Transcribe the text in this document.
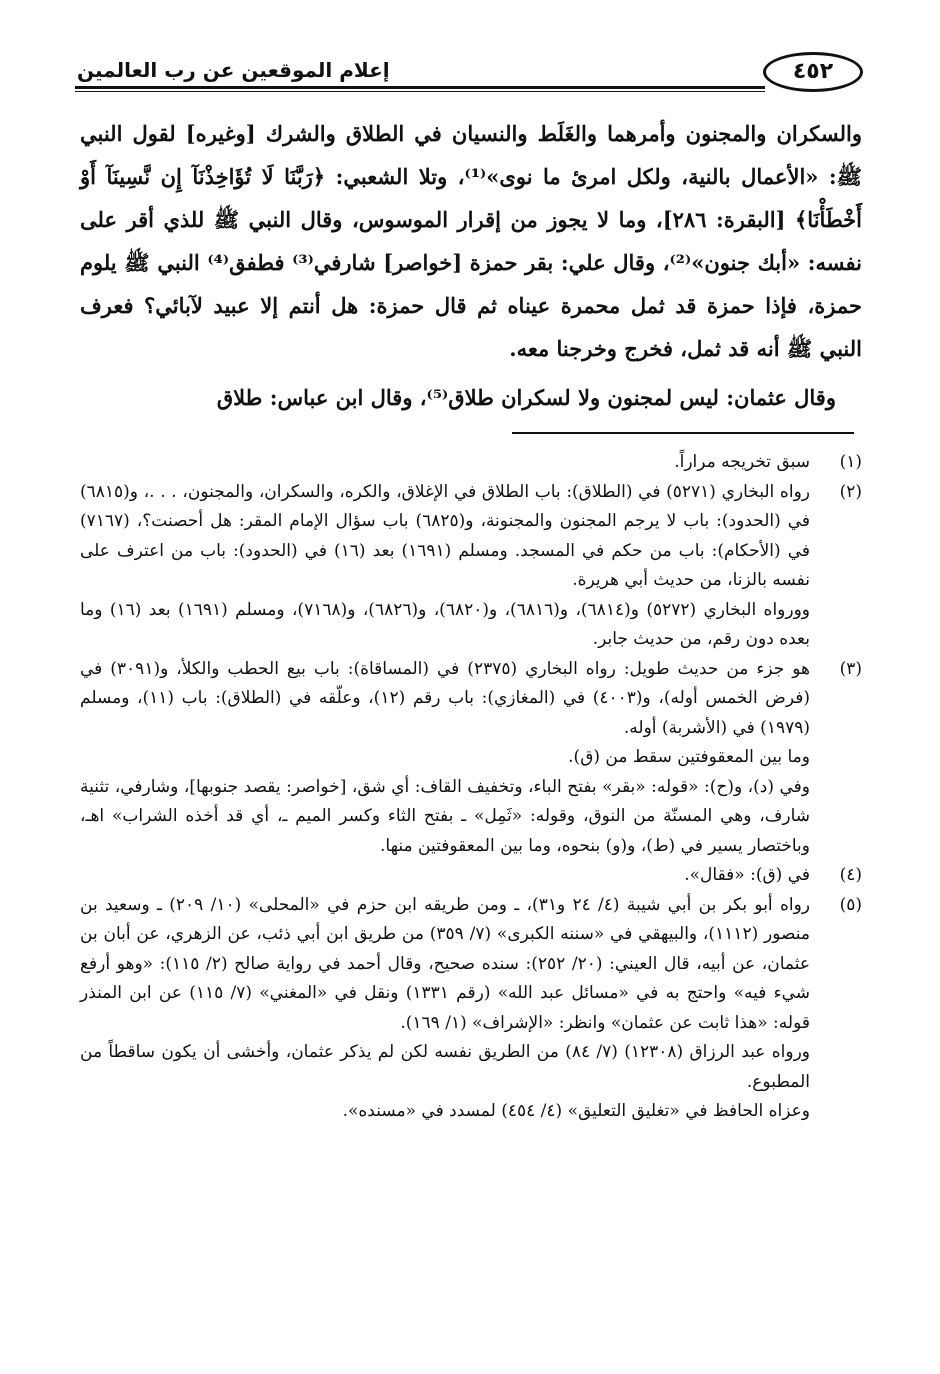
٤٥٢
إعلام الموقعين عن رب العالمين

والسكران والمجنون وأمرهما والغَلَط والنسيان في الطلاق والشرك [وغيره] لقول النبي ﷺ: «الأعمال بالنية، ولكل امرئ ما نوى»⁽¹⁾، وتلا الشعبي: ﴿رَبَّنَا لَا تُؤَاخِذْنَآ إِن نَّسِينَآ أَوْ أَخْطَأْنَا﴾ [البقرة: ٢٨٦]، وما لا يجوز من إقرار الموسوس، وقال النبي ﷺ للذي أقر على نفسه: «أبك جنون»⁽²⁾، وقال علي: بقر حمزة [خواصر] شارفي⁽³⁾ فطفق⁽⁴⁾ النبي ﷺ يلوم حمزة، فإذا حمزة قد ثمل محمرة عيناه ثم قال حمزة: هل أنتم إلا عبيد لآبائي؟ فعرف النبي ﷺ أنه قد ثمل، فخرج وخرجنا معه.

وقال عثمان: ليس لمجنون ولا لسكران طلاق⁽⁵⁾، وقال ابن عباس: طلاق

(١)

سبق تخريجه مراراً.

(٢)

رواه البخاري (٥٢٧١) في (الطلاق): باب الطلاق في الإغلاق، والكره، والسكران، والمجنون، . . .، و(٦٨١٥) في (الحدود): باب لا يرجم المجنون والمجنونة، و(٦٨٢٥) باب سؤال الإمام المقر: هل أحصنت؟، (٧١٦٧) في (الأحكام): باب من حكم في المسجد. ومسلم (١٦٩١) بعد (١٦) في (الحدود): باب من اعترف على نفسه بالزنا، من حديث أبي هريرة.

وورواه البخاري (٥٢٧٢) و(٦٨١٤)، و(٦٨١٦)، و(٦٨٢٠)، و(٦٨٢٦)، و(٧١٦٨)، ومسلم (١٦٩١) بعد (١٦) وما بعده دون رقم، من حديث جابر.

(٣)

هو جزء من حديث طويل: رواه البخاري (٢٣٧٥) في (المساقاة): باب بيع الحطب والكلأ، و(٣٠٩١) في (فرض الخمس أوله)، و(٤٠٠٣) في (المغازي): باب رقم (١٢)، وعلّقه في (الطلاق): باب (١١)، ومسلم (١٩٧٩) في (الأشربة) أوله.

وما بين المعقوفتين سقط من (ق).

وفي (د)، و(ح): «قوله: «بقر» بفتح الباء، وتخفيف القاف: أي شق، [خواصر: يقصد جنوبها]، وشارفي، تثنية شارف، وهي المسنّة من النوق، وقوله: «ثَمِل» ـ بفتح الثاء وكسر الميم ـ، أي قد أخذه الشراب» اهـ، وباختصار يسير في (ط)، و(و) بنحوه، وما بين المعقوفتين منها.

(٤)

في (ق): «فقال».

(٥)

رواه أبو بكر بن أبي شيبة (٤/ ٢٤ و٣١)، ـ ومن طريقه ابن حزم في «المحلى» (١٠/ ٢٠٩) ـ وسعيد بن منصور (١١١٢)، والبيهقي في «سننه الكبرى» (٧/ ٣٥٩) من طريق ابن أبي ذئب، عن الزهري، عن أبان بن عثمان، عن أبيه، قال العيني: (٢٠/ ٢٥٢): سنده صحيح، وقال أحمد في رواية صالح (٢/ ١١٥): «وهو أرفع شيء فيه» واحتج به في «مسائل عبد الله» (رقم ١٣٣١) ونقل في «المغني» (٧/ ١١٥) عن ابن المنذر قوله: «هذا ثابت عن عثمان» وانظر: «الإشراف» (١/ ١٦٩).

ورواه عبد الرزاق (١٢٣٠٨) (٧/ ٨٤) من الطريق نفسه لكن لم يذكر عثمان، وأخشى أن يكون ساقطاً من المطبوع.

وعزاه الحافظ في «تغليق التعليق» (٤/ ٤٥٤) لمسدد في «مسنده».
